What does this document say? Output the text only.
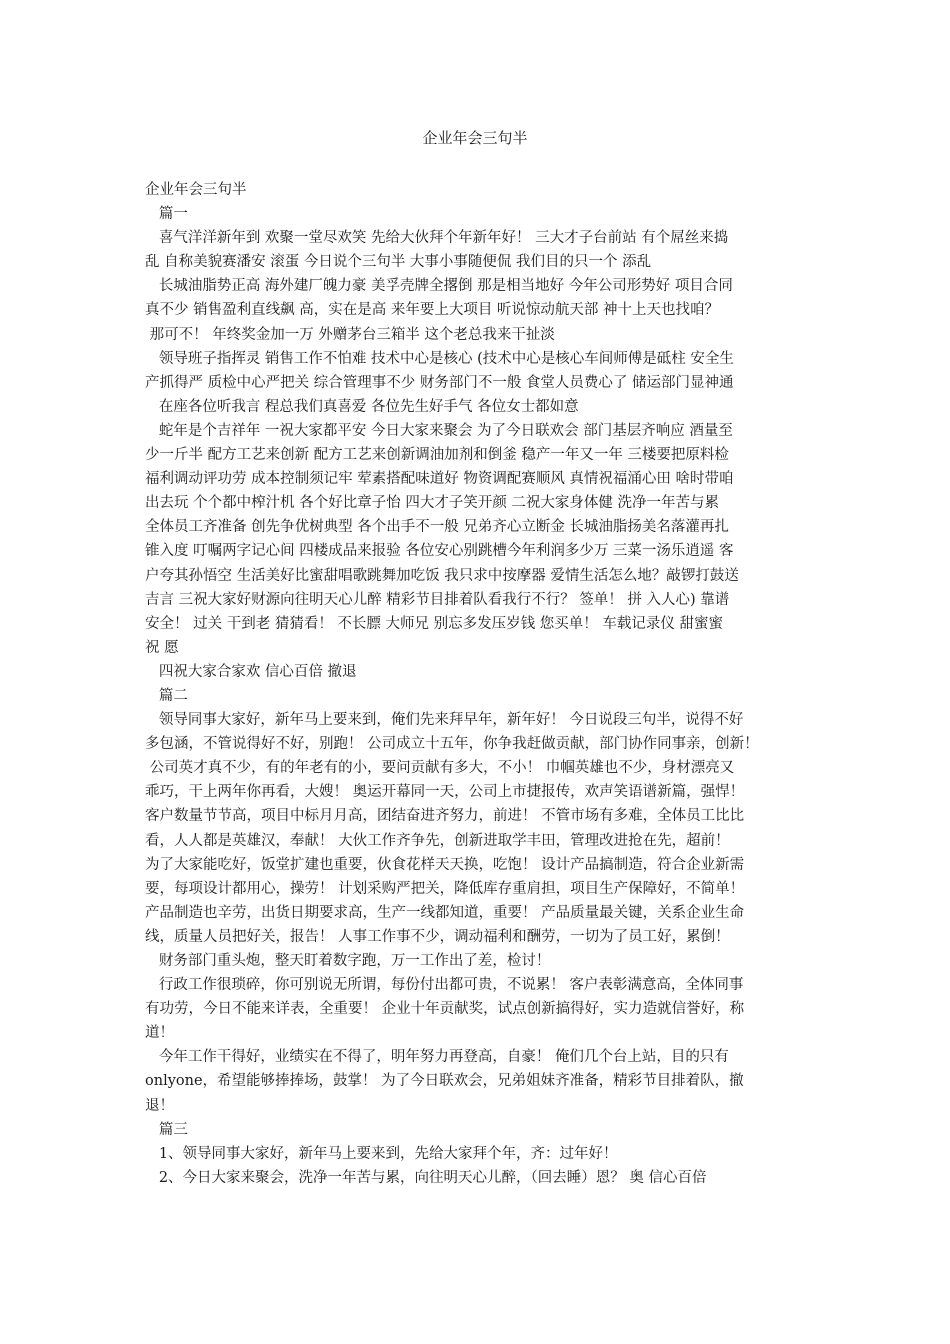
企业年会三句半
企业年会三句半
篇一
喜气洋洋新年到 欢聚一堂尽欢笑 先给大伙拜个年新年好！ 三大才子台前站 有个屌丝来捣
乱 自称美貌赛潘安 滚蛋 今日说个三句半 大事小事随便侃 我们目的只一个 添乱
长城油脂势正高 海外建厂魄力豪 美孚壳牌全撂倒 那是相当地好 今年公司形势好 项目合同
真不少 销售盈利直线飙 高，实在是高 来年要上大项目 听说惊动航天部 神十上天也找咱？
那可不！ 年终奖金加一万 外赠茅台三箱半 这个老总我来干扯淡
领导班子指挥灵 销售工作不怕难 技术中心是核心 (技术中心是核心车间师傅是砥柱 安全生
产抓得严 质检中心严把关 综合管理事不少 财务部门不一般 食堂人员费心了 储运部门显神通
在座各位听我言 程总我们真喜爱 各位先生好手气 各位女士都如意
蛇年是个吉祥年 一祝大家都平安 今日大家来聚会 为了今日联欢会 部门基层齐响应 酒量至
少一斤半 配方工艺来创新 配方工艺来创新调油加剂和倒釜 稳产一年又一年 三楼要把原料检
福利调动评功劳 成本控制须记牢 荤素搭配味道好 物资调配赛顺风 真情祝福涌心田 啥时带咱
出去玩 个个都中榨汁机 各个好比章子怡 四大才子笑开颜 二祝大家身体健 洗净一年苦与累
全体员工齐准备 创先争优树典型 各个出手不一般 兄弟齐心立断金 长城油脂扬美名落灌再扎
锥入度 叮嘱两字记心间 四楼成品来报验 各位安心别跳槽今年利润多少万 三菜一汤乐逍遥 客
户夸其孙悟空 生活美好比蜜甜唱歌跳舞加吃饭 我只求中按摩器 爱情生活怎么地？敲锣打鼓送
吉言 三祝大家好财源向往明天心儿醉 精彩节目排着队看我行不行？ 签单！ 拼 入人心) 靠谱
安全！ 过关 干到老 猜猜看！ 不长膘 大师兄 别忘多发压岁钱 您买单！ 车载记录仪 甜蜜蜜
祝 愿
四祝大家合家欢 信心百倍 撤退
篇二
领导同事大家好，新年马上要来到，俺们先来拜早年，新年好！ 今日说段三句半，说得不好
多包涵，不管说得好不好，别跑！ 公司成立十五年，你争我赶做贡献，部门协作同事亲，创新！
公司英才真不少，有的年老有的小，要问贡献有多大，不小！ 巾帼英雄也不少，身材漂亮又
乖巧，干上两年你再看，大嫂！ 奥运开幕同一天，公司上市捷报传，欢声笑语谱新篇，强悍！
客户数量节节高，项目中标月月高，团结奋进齐努力，前进！ 不管市场有多难，全体员工比比
看，人人都是英雄汉，奉献！ 大伙工作齐争先，创新进取学丰田，管理改进抢在先，超前！
为了大家能吃好，饭堂扩建也重要，伙食花样天天换，吃饱！ 设计产品搞制造，符合企业新需
要，每项设计都用心，操劳！ 计划采购严把关，降低库存重肩担，项目生产保障好，不简单！
产品制造也辛劳，出货日期要求高，生产一线都知道，重要！ 产品质量最关键，关系企业生命
线，质量人员把好关，报告！ 人事工作事不少，调动福利和酬劳，一切为了员工好，累倒！
财务部门重头炮，整天盯着数字跑，万一工作出了差，检讨！
行政工作很琐碎，你可别说无所谓，每份付出都可贵，不说累！ 客户表彰满意高，全体同事
有功劳，今日不能来详表，全重要！ 企业十年贡献奖，试点创新搞得好，实力造就信誉好，称
道！
今年工作干得好，业绩实在不得了，明年努力再登高，自豪！ 俺们几个台上站，目的只有
onlyone，希望能够捧捧场，鼓掌！ 为了今日联欢会，兄弟姐妹齐准备，精彩节目排着队，撤
退！
篇三
1、领导同事大家好，新年马上要来到，先给大家拜个年，齐：过年好！
2、今日大家来聚会，洗净一年苦与累，向往明天心儿醉，（回去睡）恩？ 奥 信心百倍
